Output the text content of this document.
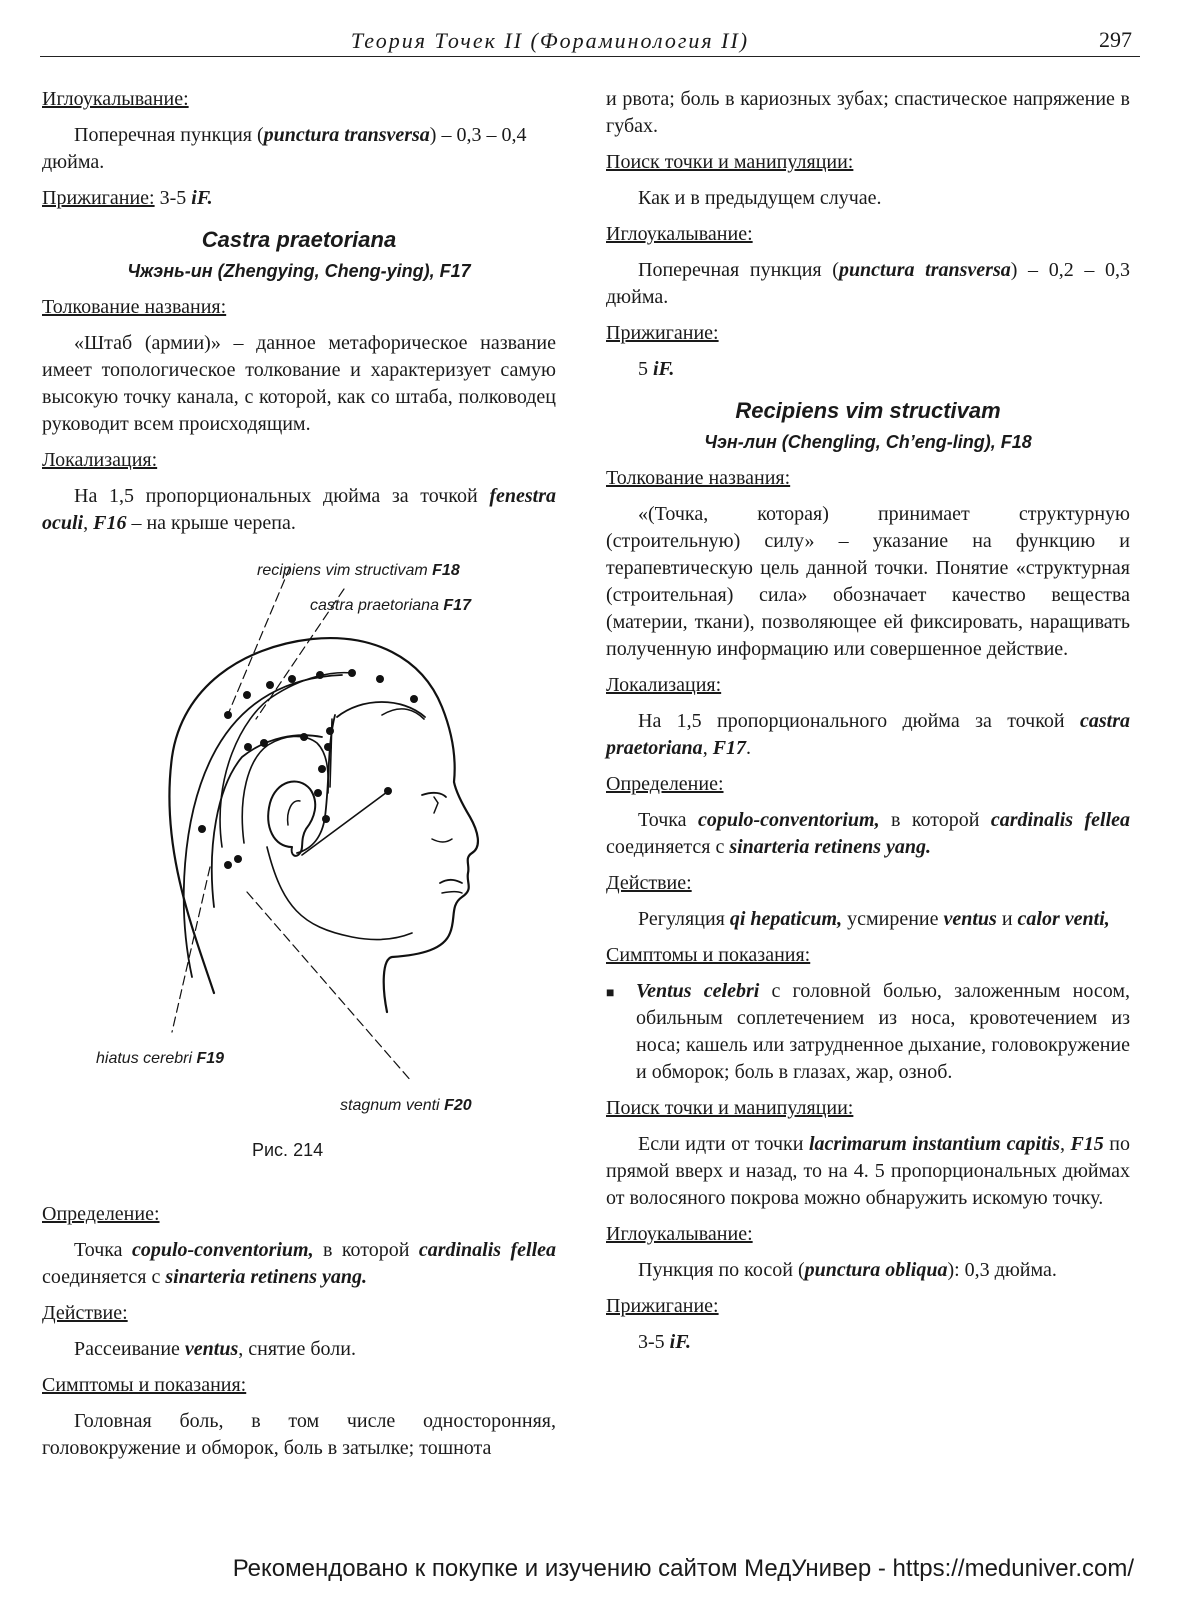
Теория Точек II (Фораминология II)	297

Иглоукалывание:

Поперечная пункция (punctura transversa) – 0,3 – 0,4 дюйма.

Прижигание: 3-5 iF.

Castra praetoriana

Чжэнь-ин (Zhengying, Cheng-ying), F17

Толкование названия:

«Штаб (армии)» – данное метафорическое название имеет топологическое толкование и характеризует самую высокую точку канала, с которой, как со штаба, полководец руководит всем происходящим.

Локализация:

На 1,5 пропорциональных дюйма за точкой fenestra oculi, F16 – на крыше черепа.

recipiens vim structivam F18
castra praetoriana F17
hiatus cerebri F19
stagnum venti F20
Рис. 214

Определение:

Точка copulo-conventorium, в которой cardinalis fellea соединяется с sinarteria retinens yang.

Действие:

Рассеивание ventus, снятие боли.

Симптомы и показания:

Головная боль, в том числе односторонняя, головокружение и обморок, боль в затылке; тошнота

и рвота; боль в кариозных зубах; спастическое напряжение в губах.

Поиск точки и манипуляции:

Как и в предыдущем случае.

Иглоукалывание:

Поперечная пункция (punctura transversa) – 0,2 – 0,3 дюйма.

Прижигание:

5 iF.

Recipiens vim structivam

Чэн-лин (Chengling, Ch’eng-ling), F18

Толкование названия:

«(Точка, которая) принимает структурную (строительную) силу» – указание на функцию и терапевтическую цель данной точки. Понятие «структурная (строительная) сила» обозначает качество вещества (материи, ткани), позволяющее ей фиксировать, наращивать полученную информацию или совершенное действие.

Локализация:

На 1,5 пропорционального дюйма за точкой castra praetoriana, F17.

Определение:

Точка copulo-conventorium, в которой cardinalis fellea соединяется с sinarteria retinens yang.

Действие:

Регуляция qi hepaticum, усмирение ventus и calor venti,

Симптомы и показания:

■	Ventus celebri с головной болью, заложенным носом, обильным соплетечением из носа, кровотечением из носа; кашель или затрудненное дыхание, головокружение и обморок; боль в глазах, жар, озноб.

Поиск точки и манипуляции:

Если идти от точки lacrimarum instantium capitis, F15 по прямой вверх и назад, то на 4. 5 пропорциональных дюймах от волосяного покрова можно обнаружить искомую точку.

Иглоукалывание:

Пункция по косой (punctura obliqua): 0,3 дюйма.

Прижигание:

3-5 iF.

Рекомендовано к покупке и изучению сайтом МедУнивер - https://meduniver.com/
